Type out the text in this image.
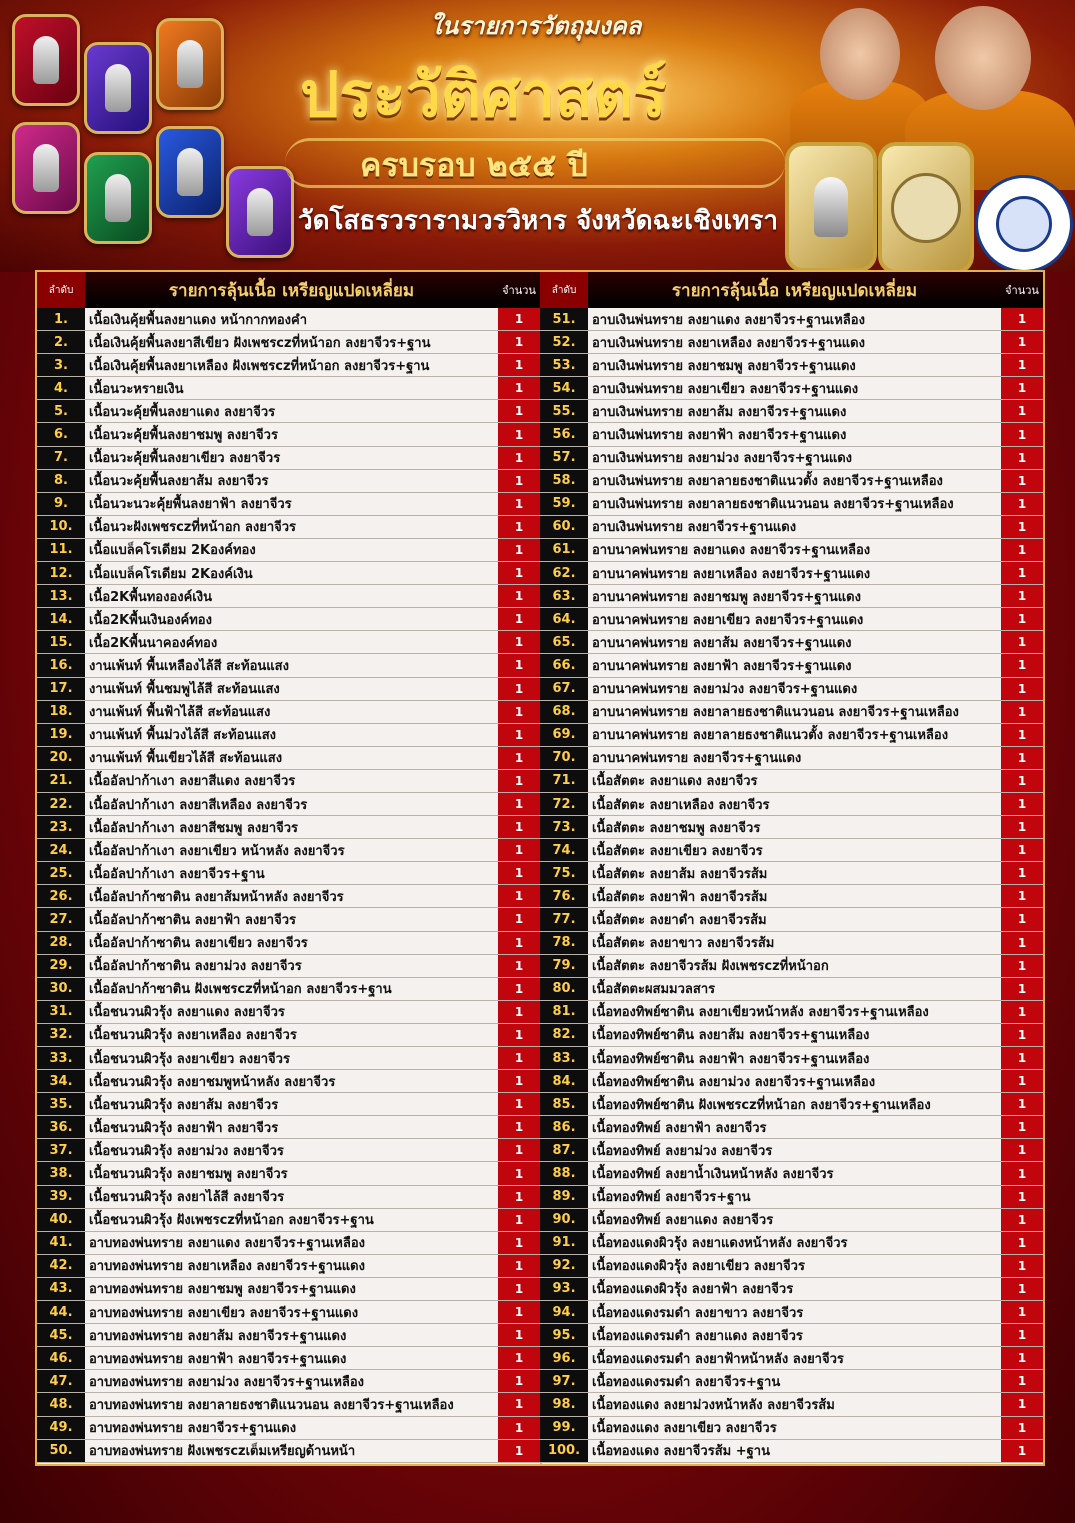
ในรายการวัตถุมงคล
ประวัติศาสตร์
ครบรอบ ๒๕๕ ปี
วัดโสธรวรารามวรวิหาร จังหวัดฉะเชิงเทรา
ลำดับ	รายการลุ้นเนื้อ เหรียญแปดเหลี่ยม	จำนวน
1.	เนื้อเงินคุ้ยพื้นลงยาแดง หน้ากากทองคำ	1
2.	เนื้อเงินคุ้ยพื้นลงยาสีเขียว ฝังเพชรczที่หน้าอก ลงยาจีวร+ฐาน	1
3.	เนื้อเงินคุ้ยพื้นลงยาเหลือง ฝังเพชรczที่หน้าอก ลงยาจีวร+ฐาน	1
4.	เนื้อนวะหรายเงิน	1
5.	เนื้อนวะคุ้ยพื้นลงยาแดง ลงยาจีวร	1
6.	เนื้อนวะคุ้ยพื้นลงยาชมพู ลงยาจีวร	1
7.	เนื้อนวะคุ้ยพื้นลงยาเขียว ลงยาจีวร	1
8.	เนื้อนวะคุ้ยพื้นลงยาส้ม ลงยาจีวร	1
9.	เนื้อนวะนวะคุ้ยพื้นลงยาฟ้า ลงยาจีวร	1
10.	เนื้อนวะฝังเพชรczที่หน้าอก ลงยาจีวร	1
11.	เนื้อแบล็คโรเดียม 2Kองค์ทอง	1
12.	เนื้อแบล็คโรเดียม 2Kองค์เงิน	1
13.	เนื้อ2Kพื้นทององค์เงิน	1
14.	เนื้อ2Kพื้นเงินองค์ทอง	1
15.	เนื้อ2Kพื้นนาคองค์ทอง	1
16.	งานเพ้นท์ พื้นเหลืองไล้สี สะท้อนแสง	1
17.	งานเพ้นท์ พื้นชมพูไล้สี สะท้อนแสง	1
18.	งานเพ้นท์ พื้นฟ้าไล้สี สะท้อนแสง	1
19.	งานเพ้นท์ พื้นม่วงไล้สี สะท้อนแสง	1
20.	งานเพ้นท์ พื้นเขียวไล้สี สะท้อนแสง	1
21.	เนื้ออัลปาก้าเงา ลงยาสีแดง ลงยาจีวร	1
22.	เนื้ออัลปาก้าเงา ลงยาสีเหลือง ลงยาจีวร	1
23.	เนื้ออัลปาก้าเงา ลงยาสีชมพู ลงยาจีวร	1
24.	เนื้ออัลปาก้าเงา ลงยาเขียว หน้าหลัง ลงยาจีวร	1
25.	เนื้ออัลปาก้าเงา ลงยาจีวร+ฐาน	1
26.	เนื้ออัลปาก้าซาติน ลงยาส้มหน้าหลัง ลงยาจีวร	1
27.	เนื้ออัลปาก้าซาติน ลงยาฟ้า ลงยาจีวร	1
28.	เนื้ออัลปาก้าซาติน ลงยาเขียว ลงยาจีวร	1
29.	เนื้ออัลปาก้าซาติน ลงยาม่วง ลงยาจีวร	1
30.	เนื้ออัลปาก้าซาติน ฝังเพชรczที่หน้าอก ลงยาจีวร+ฐาน	1
31.	เนื้อชนวนผิวรุ้ง ลงยาแดง ลงยาจีวร	1
32.	เนื้อชนวนผิวรุ้ง ลงยาเหลือง ลงยาจีวร	1
33.	เนื้อชนวนผิวรุ้ง ลงยาเขียว ลงยาจีวร	1
34.	เนื้อชนวนผิวรุ้ง ลงยาชมพูหน้าหลัง ลงยาจีวร	1
35.	เนื้อชนวนผิวรุ้ง ลงยาส้ม ลงยาจีวร	1
36.	เนื้อชนวนผิวรุ้ง ลงยาฟ้า ลงยาจีวร	1
37.	เนื้อชนวนผิวรุ้ง ลงยาม่วง ลงยาจีวร	1
38.	เนื้อชนวนผิวรุ้ง ลงยาชมพู ลงยาจีวร	1
39.	เนื้อชนวนผิวรุ้ง ลงยาไล้สี ลงยาจีวร	1
40.	เนื้อชนวนผิวรุ้ง ฝังเพชรczที่หน้าอก ลงยาจีวร+ฐาน	1
41.	อาบทองพ่นทราย ลงยาแดง ลงยาจีวร+ฐานเหลือง	1
42.	อาบทองพ่นทราย ลงยาเหลือง ลงยาจีวร+ฐานแดง	1
43.	อาบทองพ่นทราย ลงยาชมพู ลงยาจีวร+ฐานแดง	1
44.	อาบทองพ่นทราย ลงยาเขียว ลงยาจีวร+ฐานแดง	1
45.	อาบทองพ่นทราย ลงยาส้ม ลงยาจีวร+ฐานแดง	1
46.	อาบทองพ่นทราย ลงยาฟ้า ลงยาจีวร+ฐานแดง	1
47.	อาบทองพ่นทราย ลงยาม่วง ลงยาจีวร+ฐานเหลือง	1
48.	อาบทองพ่นทราย ลงยาลายธงชาติแนวนอน ลงยาจีวร+ฐานเหลือง	1
49.	อาบทองพ่นทราย ลงยาจีวร+ฐานแดง	1
50.	อาบทองพ่นทราย ฝังเพชรczเต็มเหรียญด้านหน้า	1
ลำดับ	รายการลุ้นเนื้อ เหรียญแปดเหลี่ยม	จำนวน
51.	อาบเงินพ่นทราย ลงยาแดง ลงยาจีวร+ฐานเหลือง	1
52.	อาบเงินพ่นทราย ลงยาเหลือง ลงยาจีวร+ฐานแดง	1
53.	อาบเงินพ่นทราย ลงยาชมพู ลงยาจีวร+ฐานแดง	1
54.	อาบเงินพ่นทราย ลงยาเขียว ลงยาจีวร+ฐานแดง	1
55.	อาบเงินพ่นทราย ลงยาส้ม ลงยาจีวร+ฐานแดง	1
56.	อาบเงินพ่นทราย ลงยาฟ้า ลงยาจีวร+ฐานแดง	1
57.	อาบเงินพ่นทราย ลงยาม่วง ลงยาจีวร+ฐานแดง	1
58.	อาบเงินพ่นทราย ลงยาลายธงชาติแนวตั้ง ลงยาจีวร+ฐานเหลือง	1
59.	อาบเงินพ่นทราย ลงยาลายธงชาติแนวนอน ลงยาจีวร+ฐานเหลือง	1
60.	อาบเงินพ่นทราย ลงยาจีวร+ฐานแดง	1
61.	อาบนาคพ่นทราย ลงยาแดง ลงยาจีวร+ฐานเหลือง	1
62.	อาบนาคพ่นทราย ลงยาเหลือง ลงยาจีวร+ฐานแดง	1
63.	อาบนาคพ่นทราย ลงยาชมพู ลงยาจีวร+ฐานแดง	1
64.	อาบนาคพ่นทราย ลงยาเขียว ลงยาจีวร+ฐานแดง	1
65.	อาบนาคพ่นทราย ลงยาส้ม ลงยาจีวร+ฐานแดง	1
66.	อาบนาคพ่นทราย ลงยาฟ้า ลงยาจีวร+ฐานแดง	1
67.	อาบนาคพ่นทราย ลงยาม่วง ลงยาจีวร+ฐานแดง	1
68.	อาบนาคพ่นทราย ลงยาลายธงชาติแนวนอน ลงยาจีวร+ฐานเหลือง	1
69.	อาบนาคพ่นทราย ลงยาลายธงชาติแนวตั้ง ลงยาจีวร+ฐานเหลือง	1
70.	อาบนาคพ่นทราย ลงยาจีวร+ฐานแดง	1
71.	เนื้อสัตตะ ลงยาแดง ลงยาจีวร	1
72.	เนื้อสัตตะ ลงยาเหลือง ลงยาจีวร	1
73.	เนื้อสัตตะ ลงยาชมพู ลงยาจีวร	1
74.	เนื้อสัตตะ ลงยาเขียว ลงยาจีวร	1
75.	เนื้อสัตตะ ลงยาส้ม ลงยาจีวรส้ม	1
76.	เนื้อสัตตะ ลงยาฟ้า ลงยาจีวรส้ม	1
77.	เนื้อสัตตะ ลงยาดำ ลงยาจีวรส้ม	1
78.	เนื้อสัตตะ ลงยาขาว ลงยาจีวรส้ม	1
79.	เนื้อสัตตะ ลงยาจีวรส้ม ฝังเพชรczที่หน้าอก	1
80.	เนื้อสัตตะผสมมวลสาร	1
81.	เนื้อทองทิพย์ซาติน ลงยาเขียวหน้าหลัง ลงยาจีวร+ฐานเหลือง	1
82.	เนื้อทองทิพย์ซาติน ลงยาส้ม ลงยาจีวร+ฐานเหลือง	1
83.	เนื้อทองทิพย์ซาติน ลงยาฟ้า ลงยาจีวร+ฐานเหลือง	1
84.	เนื้อทองทิพย์ซาติน ลงยาม่วง ลงยาจีวร+ฐานเหลือง	1
85.	เนื้อทองทิพย์ซาติน ฝังเพชรczที่หน้าอก ลงยาจีวร+ฐานเหลือง	1
86.	เนื้อทองทิพย์ ลงยาฟ้า ลงยาจีวร	1
87.	เนื้อทองทิพย์ ลงยาม่วง ลงยาจีวร	1
88.	เนื้อทองทิพย์ ลงยาน้ำเงินหน้าหลัง ลงยาจีวร	1
89.	เนื้อทองทิพย์ ลงยาจีวร+ฐาน	1
90.	เนื้อทองทิพย์ ลงยาแดง ลงยาจีวร	1
91.	เนื้อทองแดงผิวรุ้ง ลงยาแดงหน้าหลัง ลงยาจีวร	1
92.	เนื้อทองแดงผิวรุ้ง ลงยาเขียว ลงยาจีวร	1
93.	เนื้อทองแดงผิวรุ้ง ลงยาฟ้า ลงยาจีวร	1
94.	เนื้อทองแดงรมดำ ลงยาขาว ลงยาจีวร	1
95.	เนื้อทองแดงรมดำ ลงยาแดง ลงยาจีวร	1
96.	เนื้อทองแดงรมดำ ลงยาฟ้าหน้าหลัง ลงยาจีวร	1
97.	เนื้อทองแดงรมดำ ลงยาจีวร+ฐาน	1
98.	เนื้อทองแดง ลงยาม่วงหน้าหลัง ลงยาจีวรส้ม	1
99.	เนื้อทองแดง ลงยาเขียว ลงยาจีวร	1
100. เนื้อทองแดง ลงยาจีวรส้ม +ฐาน	1
